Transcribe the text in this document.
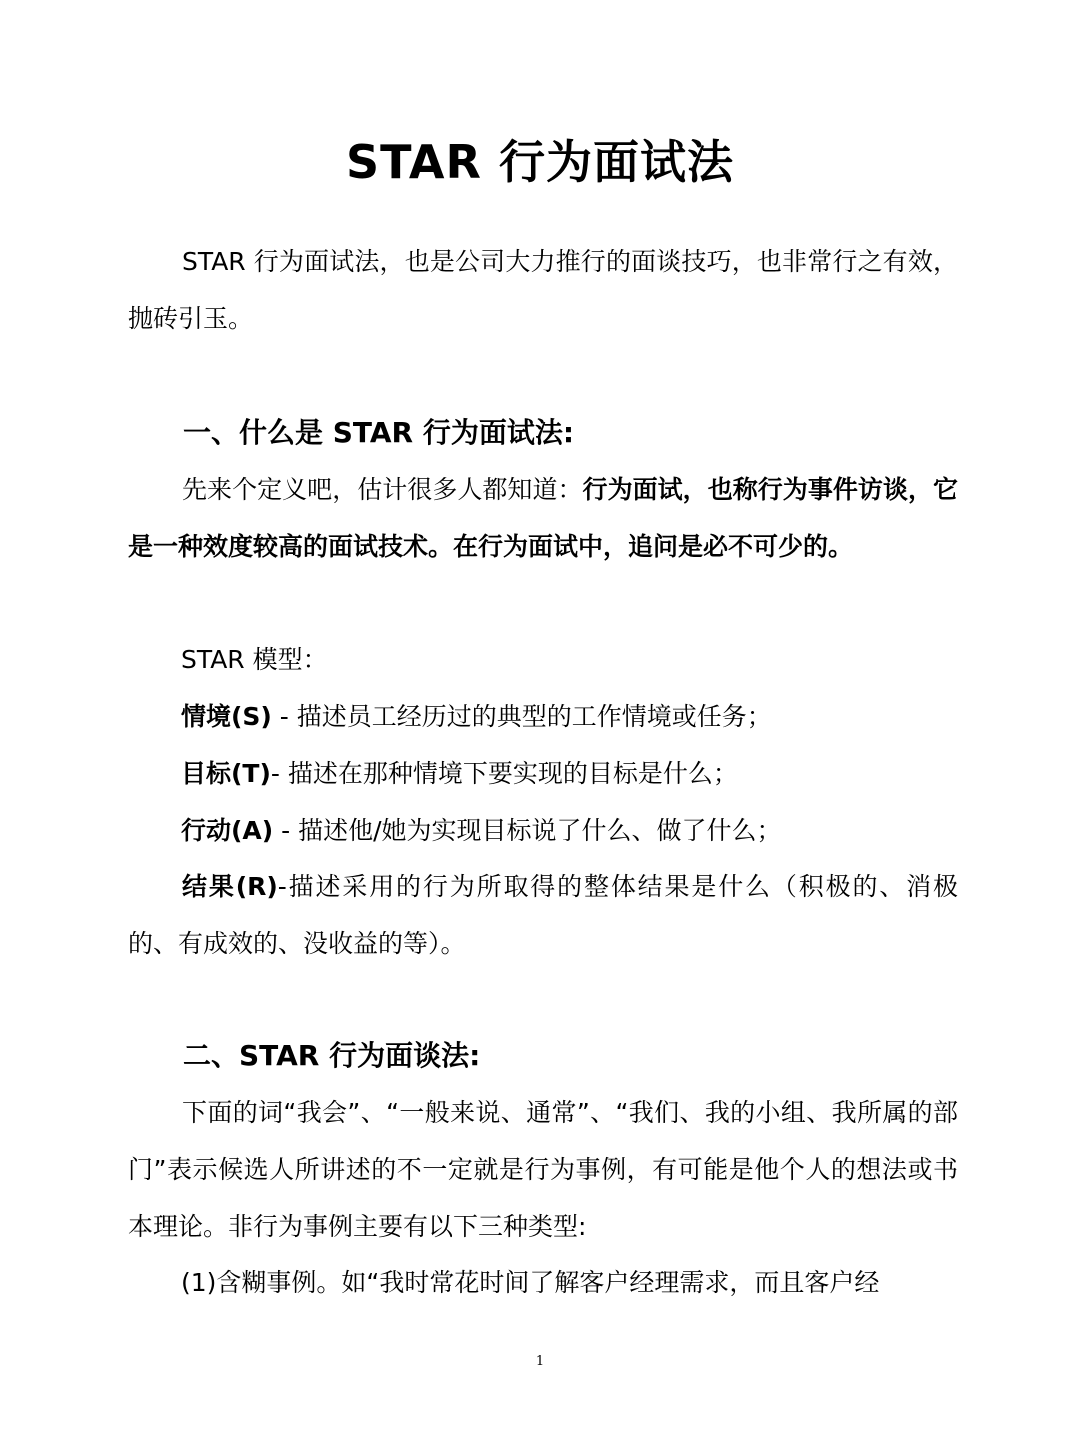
STAR 行为面试法

STAR 行为面试法，也是公司大力推行的面谈技巧，也非常行之有效，抛砖引玉。

一、什么是 STAR 行为面试法:

先来个定义吧，估计很多人都知道：行为面试，也称行为事件访谈，它是一种效度较高的面试技术。在行为面试中，追问是必不可少的。

STAR 模型：
情境(S) - 描述员工经历过的典型的工作情境或任务；
目标(T)- 描述在那种情境下要实现的目标是什么；
行动(A) - 描述他/她为实现目标说了什么、做了什么；

结果(R)-描述采用的行为所取得的整体结果是什么（积极的、消极的、有成效的、没收益的等）。

二、STAR 行为面谈法:

下面的词“我会”、“一般来说、通常”、“我们、我的小组、我所属的部门”表示候选人所讲述的不一定就是行为事例，有可能是他个人的想法或书本理论。非行为事例主要有以下三种类型:

(1)含糊事例。如“我时常花时间了解客户经理需求，而且客户经
1
